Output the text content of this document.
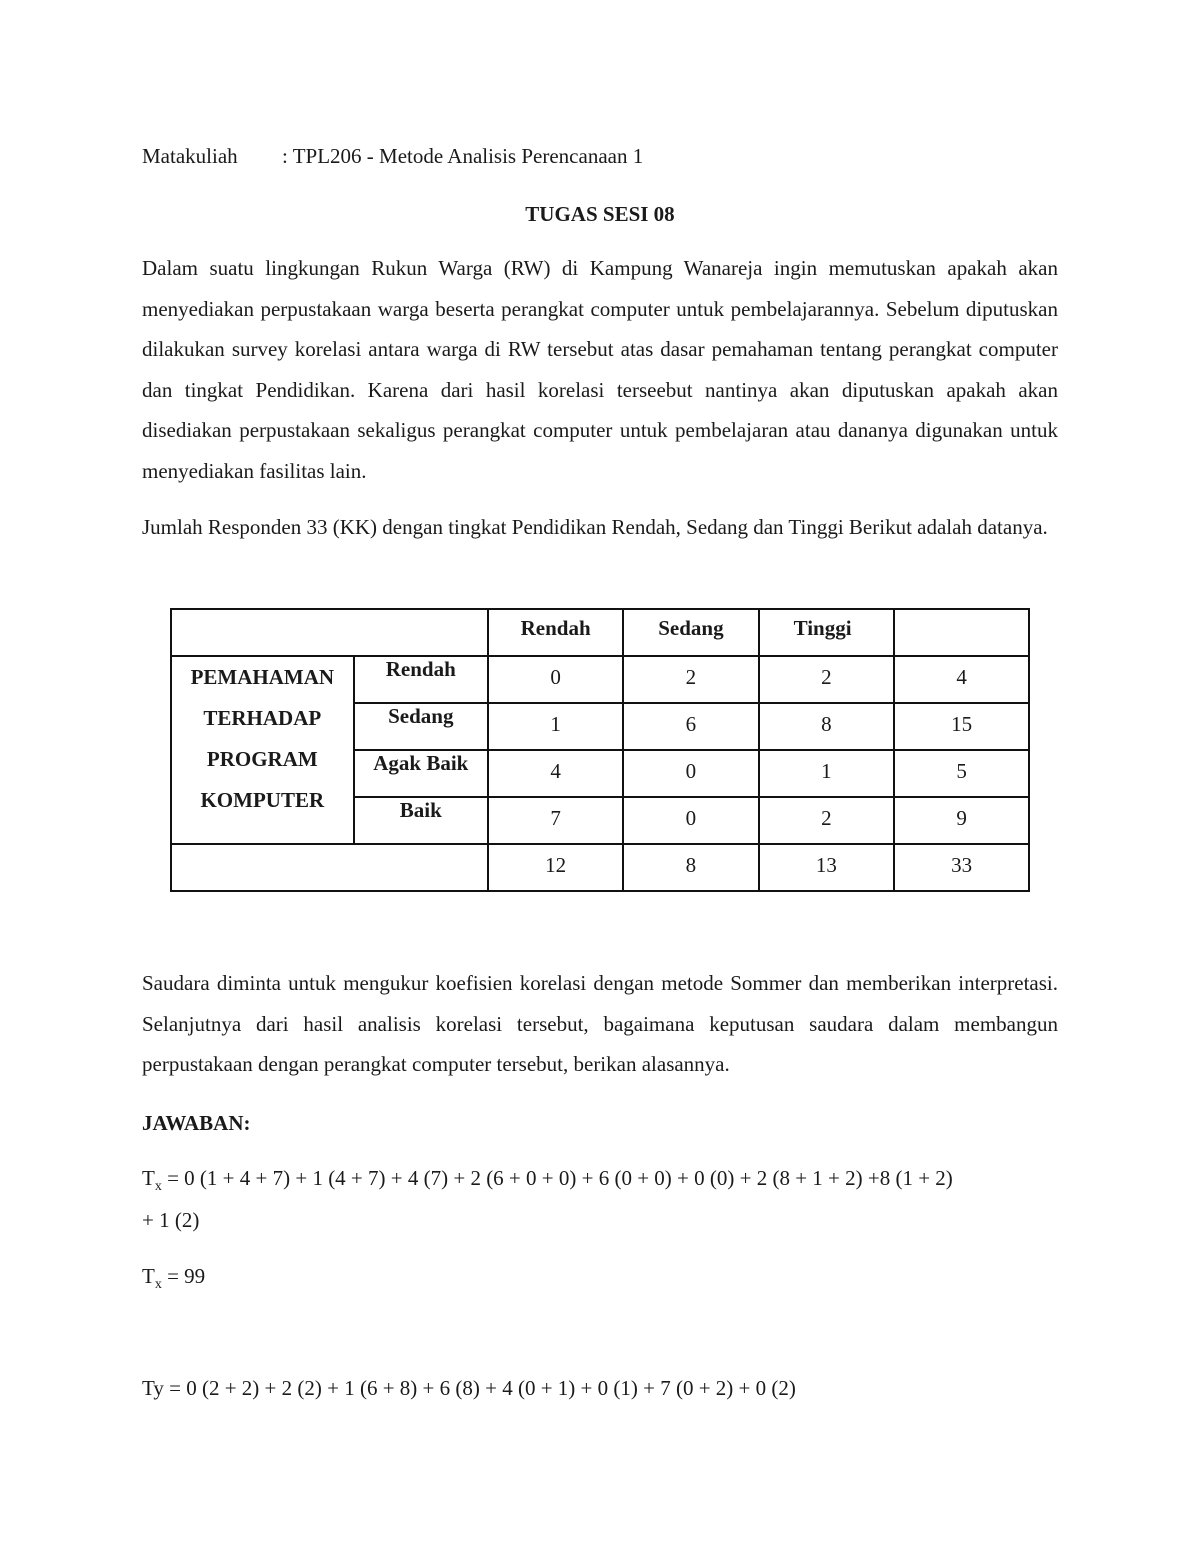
Matakuliah : TPL206 - Metode Analisis Perencanaan 1
TUGAS SESI 08

Dalam suatu lingkungan Rukun Warga (RW) di Kampung Wanareja ingin memutuskan apakah akan menyediakan perpustakaan warga beserta perangkat computer untuk pembelajarannya. Sebelum diputuskan dilakukan survey korelasi antara warga di RW tersebut atas dasar pemahaman tentang perangkat computer dan tingkat Pendidikan. Karena dari hasil korelasi terseebut nantinya akan diputuskan apakah akan disediakan perpustakaan sekaligus perangkat computer untuk pembelajaran atau dananya digunakan untuk menyediakan fasilitas lain.

Jumlah Responden 33 (KK) dengan tingkat Pendidikan Rendah, Sedang dan Tinggi Berikut adalah datanya.

		Rendah	Sedang	Tinggi	

PEMAHAMAN
TERHADAP
PROGRAM
KOMPUTER	Rendah	0	2	2	4
	Sedang	1	6	8	15
	Agak Baik	4	0	1	5
	Baik	7	0	2	9
		12	8	13	33

Saudara diminta untuk mengukur koefisien korelasi dengan metode Sommer dan memberikan interpretasi. Selanjutnya dari hasil analisis korelasi tersebut, bagaimana keputusan saudara dalam membangun perpustakaan dengan perangkat computer tersebut, berikan alasannya.

JAWABAN:
$T_x = 0$ (1 + 4 + 7) + 1 (4 + 7) + 4 (7) + 2 (6 + 0 + 0) + 6 (0 + 0) + 0 (0) + 2 (8 + 1 + 2) +8 (1 + 2)
+ 1 (2)
$T_x = 99$
Ty = 0 (2 + 2) + 2 (2) + 1 (6 + 8) + 6 (8) + 4 (0 + 1) + 0 (1) + 7 (0 + 2) + 0 (2)
